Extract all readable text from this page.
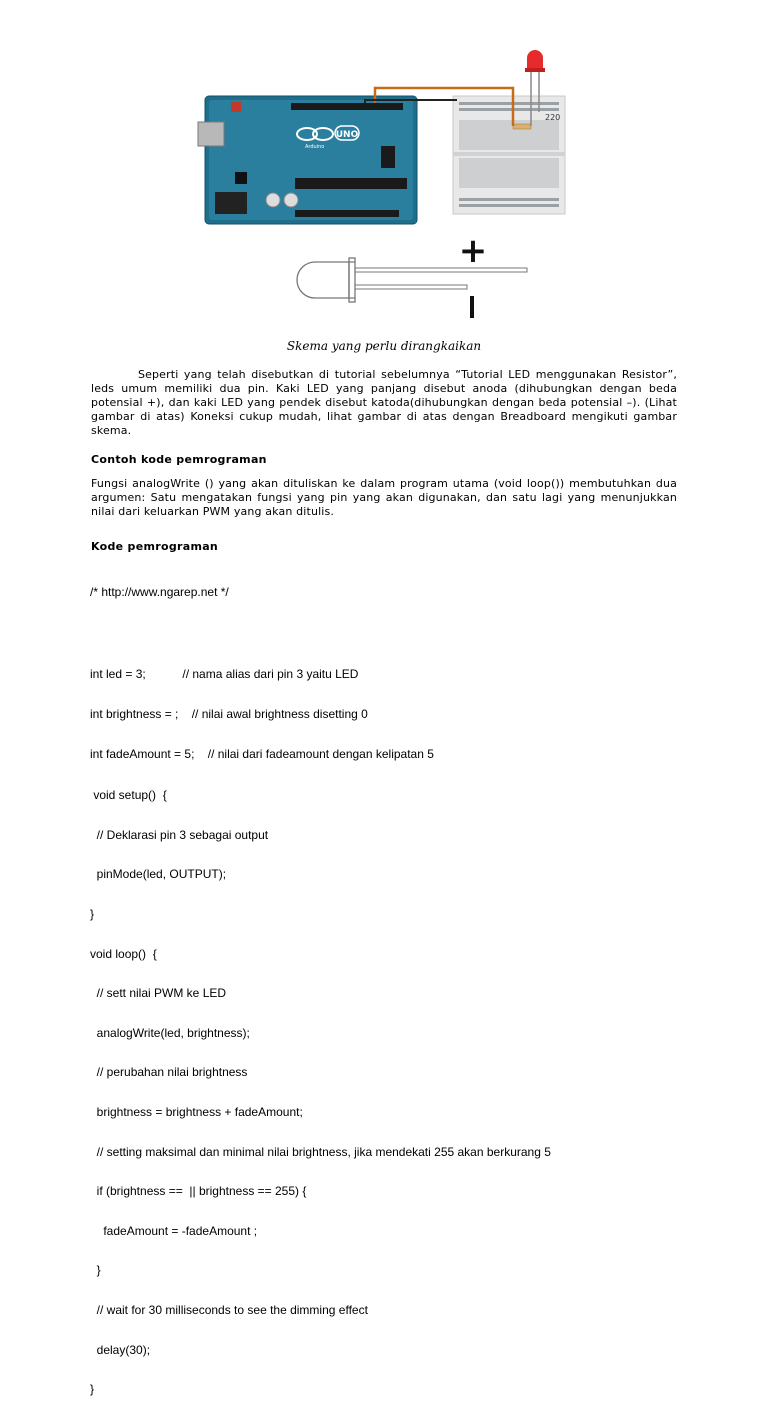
UNO
Arduino
220
+
Skema yang perlu dirangkaikan
Seperti yang telah disebutkan di tutorial sebelumnya “Tutorial LED menggunakan Resistor”, leds umum memiliki dua pin. Kaki LED yang panjang disebut anoda (dihubungkan dengan beda potensial +), dan kaki LED yang pendek disebut katoda(dihubungkan dengan beda potensial –). (Lihat gambar di atas) Koneksi cukup mudah, lihat gambar di atas dengan Breadboard mengikuti gambar skema.
Contoh kode pemrograman
Fungsi analogWrite () yang akan dituliskan ke dalam program utama (void loop()) membutuhkan dua argumen: Satu mengatakan fungsi yang pin yang akan digunakan, dan satu lagi yang menunjukkan nilai dari keluarkan PWM yang akan ditulis.
Kode pemrograman

/* http://www.ngarep.net */

int led = 3;           // nama alias dari pin 3 yaitu LED

int brightness = ;    // nilai awal brightness disetting 0

int fadeAmount = 5;    // nilai dari fadeamount dengan kelipatan 5

void setup()  {

// Deklarasi pin 3 sebagai output

pinMode(led, OUTPUT);

}

void loop()  {

// sett nilai PWM ke LED

analogWrite(led, brightness);

// perubahan nilai brightness

brightness = brightness + fadeAmount;

// setting maksimal dan minimal nilai brightness, jika mendekati 255 akan berkurang 5

if (brightness ==  || brightness == 255) {

fadeAmount = -fadeAmount ;

}

// wait for 30 milliseconds to see the dimming effect

delay(30);

}
